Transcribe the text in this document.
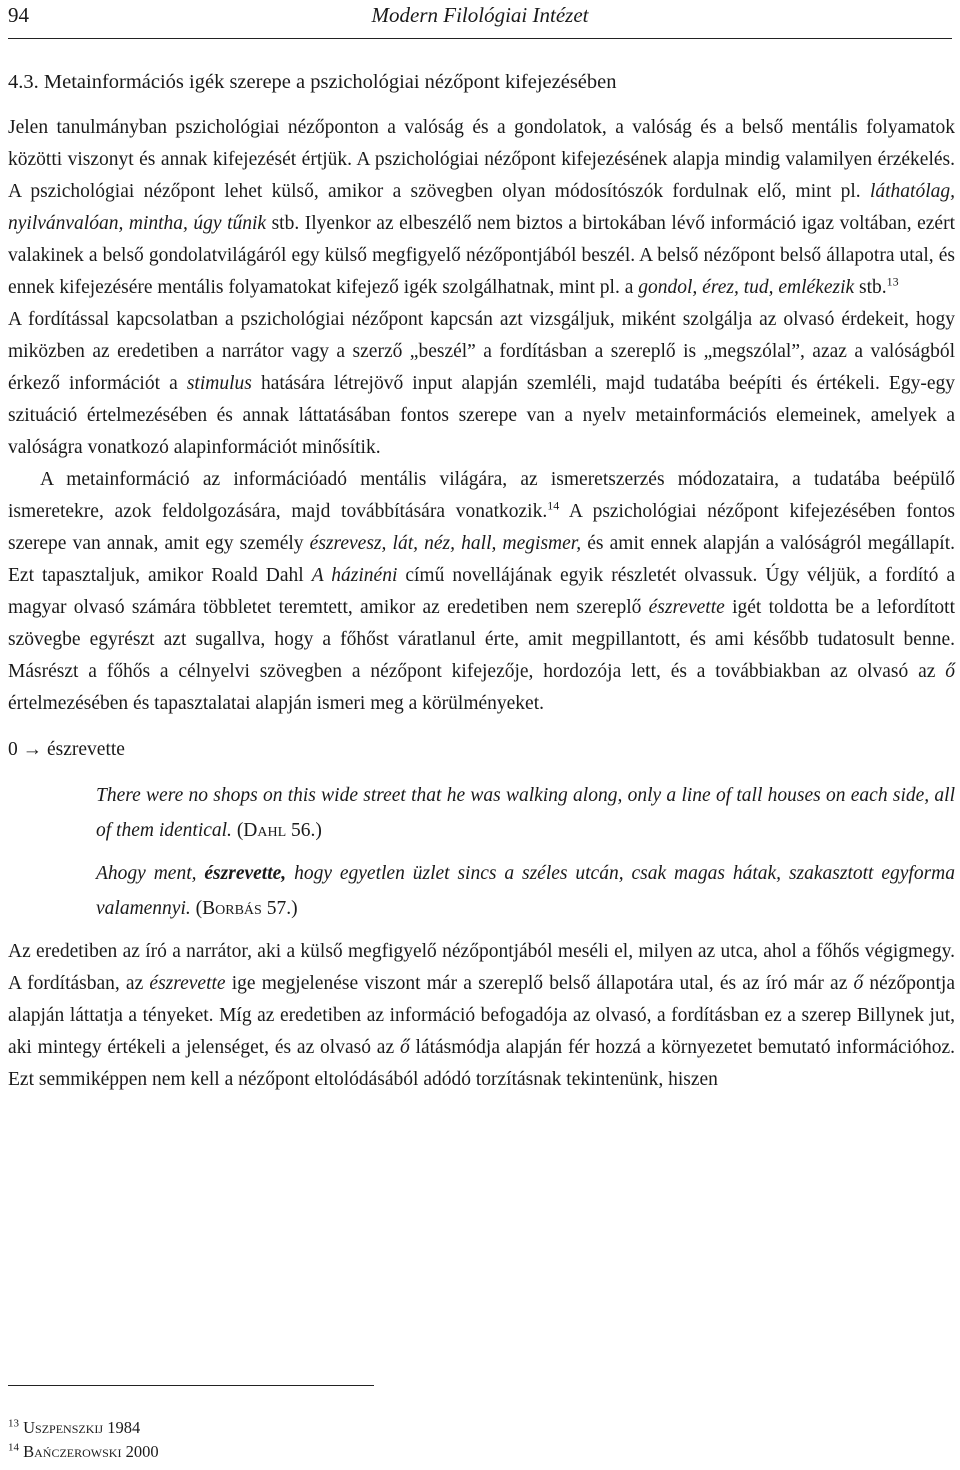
94	Modern Filológiai Intézet

4.3. Metainformációs igék szerepe a pszichológiai nézőpont kifejezésében

Jelen tanulmányban pszichológiai nézőponton a valóság és a gondolatok, a valóság és a belső mentális folyamatok közötti viszonyt és annak kifejezését értjük. A pszichológiai nézőpont kifejezésének alapja mindig valamilyen érzékelés. A pszichológiai nézőpont lehet külső, amikor a szövegben olyan módosítószók fordulnak elő, mint pl. láthatólag, nyilvánvalóan, mintha, úgy tűnik stb. Ilyenkor az elbeszélő nem biztos a birtokában lévő információ igaz voltában, ezért valakinek a belső gondolatvilágáról egy külső megfigyelő nézőpontjából beszél. A belső nézőpont belső állapotra utal, és ennek kifejezésére mentális folyamatokat kifejező igék szolgálhatnak, mint pl. a gondol, érez, tud, emlékezik stb.$^{13}$

A fordítással kapcsolatban a pszichológiai nézőpont kapcsán azt vizsgáljuk, miként szolgálja az olvasó érdekeit, hogy miközben az eredetiben a narrátor vagy a szerző „beszél” a fordításban a szereplő is „megszólal”, azaz a valóságból érkező információt a stimulus hatására létrejövő input alapján szemléli, majd tudatába beépíti és értékeli. Egy-egy szituáció értelmezésében és annak láttatásában fontos szerepe van a nyelv metainformációs elemeinek, amelyek a valóságra vonatkozó alapinformációt minősítik.

A metainformáció az információadó mentális világára, az ismeretszerzés módozataira, a tudatába beépülő ismeretekre, azok feldolgozására, majd továbbítására vonatkozik.$^{14}$ A pszichológiai nézőpont kifejezésében fontos szerepe van annak, amit egy személy észrevesz, lát, néz, hall, megismer, és amit ennek alapján a valóságról megállapít. Ezt tapasztaljuk, amikor Roald Dahl A házinéni című novellájának egyik részletét olvassuk. Úgy véljük, a fordító a magyar olvasó számára többletet teremtett, amikor az eredetiben nem szereplő észrevette igét toldotta be a lefordított szövegbe egyrészt azt sugallva, hogy a főhőst váratlanul érte, amit megpillantott, és ami később tudatosult benne. Másrészt a főhős a célnyelvi szövegben a nézőpont kifejezője, hordozója lett, és a továbbiakban az olvasó az ő értelmezésében és tapasztalatai alapján ismeri meg a körülményeket.

0 → észrevette

There were no shops on this wide street that he was walking along, only a line of tall houses on each side, all of them identical. (Dahl 56.)

Ahogy ment, észrevette, hogy egyetlen üzlet sincs a széles utcán, csak magas hátak, szakasztott egyforma valamennyi. (Borbás 57.)

Az eredetiben az író a narrátor, aki a külső megfigyelő nézőpontjából meséli el, milyen az utca, ahol a főhős végigmegy. A fordításban, az észrevette ige megjelenése viszont már a szereplő belső állapotára utal, és az író már az ő nézőpontja alapján láttatja a tényeket. Míg az eredetiben az információ befogadója az olvasó, a fordításban ez a szerep Billynek jut, aki mintegy értékeli a jelenséget, és az olvasó az ő látásmódja alapján fér hozzá a környezetet bemutató információhoz. Ezt semmiképpen nem kell a nézőpont eltolódásából adódó torzításnak tekintenünk, hiszen

$^{13}$ Uszpenszkij 1984
$^{14}$ Bańczerowski 2000
